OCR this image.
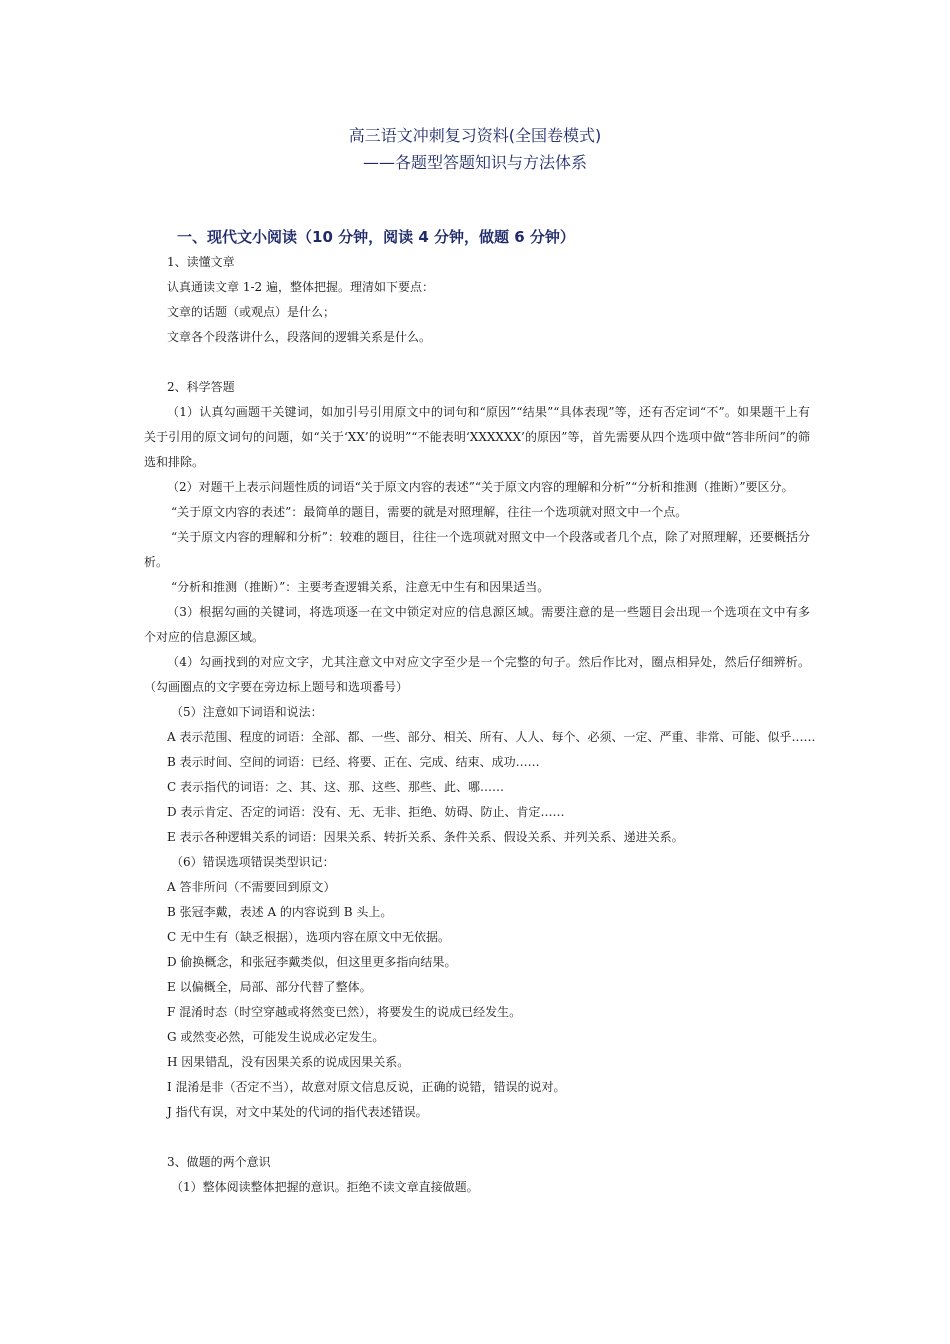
高三语文冲刺复习资料(全国卷模式)
——各题型答题知识与方法体系
一、现代文小阅读（10 分钟，阅读 4 分钟，做题 6 分钟）

1、读懂文章

认真通读文章 1-2 遍，整体把握。理清如下要点：

文章的话题（或观点）是什么；

文章各个段落讲什么，段落间的逻辑关系是什么。

2、科学答题

（1）认真勾画题干关键词，如加引号引用原文中的词句和“原因”“结果”“具体表现”等，还有否定词“不”。如果题干上有关于引用的原文词句的问题，如“关于‘XX’的说明”“不能表明‘XXXXXX’的原因”等，首先需要从四个选项中做“答非所问”的筛选和排除。

（2）对题干上表示问题性质的词语“关于原文内容的表述”“关于原文内容的理解和分析”“分析和推测（推断）”要区分。

“关于原文内容的表述”：最简单的题目，需要的就是对照理解，往往一个选项就对照文中一个点。

“关于原文内容的理解和分析”：较难的题目，往往一个选项就对照文中一个段落或者几个点，除了对照理解，还要概括分析。

“分析和推测（推断）”：主要考查逻辑关系，注意无中生有和因果适当。

（3）根据勾画的关键词，将选项逐一在文中锁定对应的信息源区域。需要注意的是一些题目会出现一个选项在文中有多个对应的信息源区域。

（4）勾画找到的对应文字，尤其注意文中对应文字至少是一个完整的句子。然后作比对，圈点相异处，然后仔细辨析。（勾画圈点的文字要在旁边标上题号和选项番号）

（5）注意如下词语和说法：

A 表示范围、程度的词语：全部、都、一些、部分、相关、所有、人人、每个、必须、一定、严重、非常、可能、似乎……

B 表示时间、空间的词语：已经、将要、正在、完成、结束、成功……

C 表示指代的词语：之、其、这、那、这些、那些、此、哪……

D 表示肯定、否定的词语：没有、无、无非、拒绝、妨碍、防止、肯定……

E 表示各种逻辑关系的词语：因果关系、转折关系、条件关系、假设关系、并列关系、递进关系。

（6）错误选项错误类型识记：

A 答非所问（不需要回到原文）

B 张冠李戴，表述 A 的内容说到 B 头上。

C 无中生有（缺乏根据），选项内容在原文中无依据。

D 偷换概念，和张冠李戴类似，但这里更多指向结果。

E 以偏概全，局部、部分代替了整体。

F 混淆时态（时空穿越或将然变已然），将要发生的说成已经发生。

G 或然变必然，可能发生说成必定发生。

H 因果错乱，没有因果关系的说成因果关系。

I 混淆是非（否定不当），故意对原文信息反说，正确的说错，错误的说对。

J 指代有误，对文中某处的代词的指代表述错误。

3、做题的两个意识

（1）整体阅读整体把握的意识。拒绝不读文章直接做题。
